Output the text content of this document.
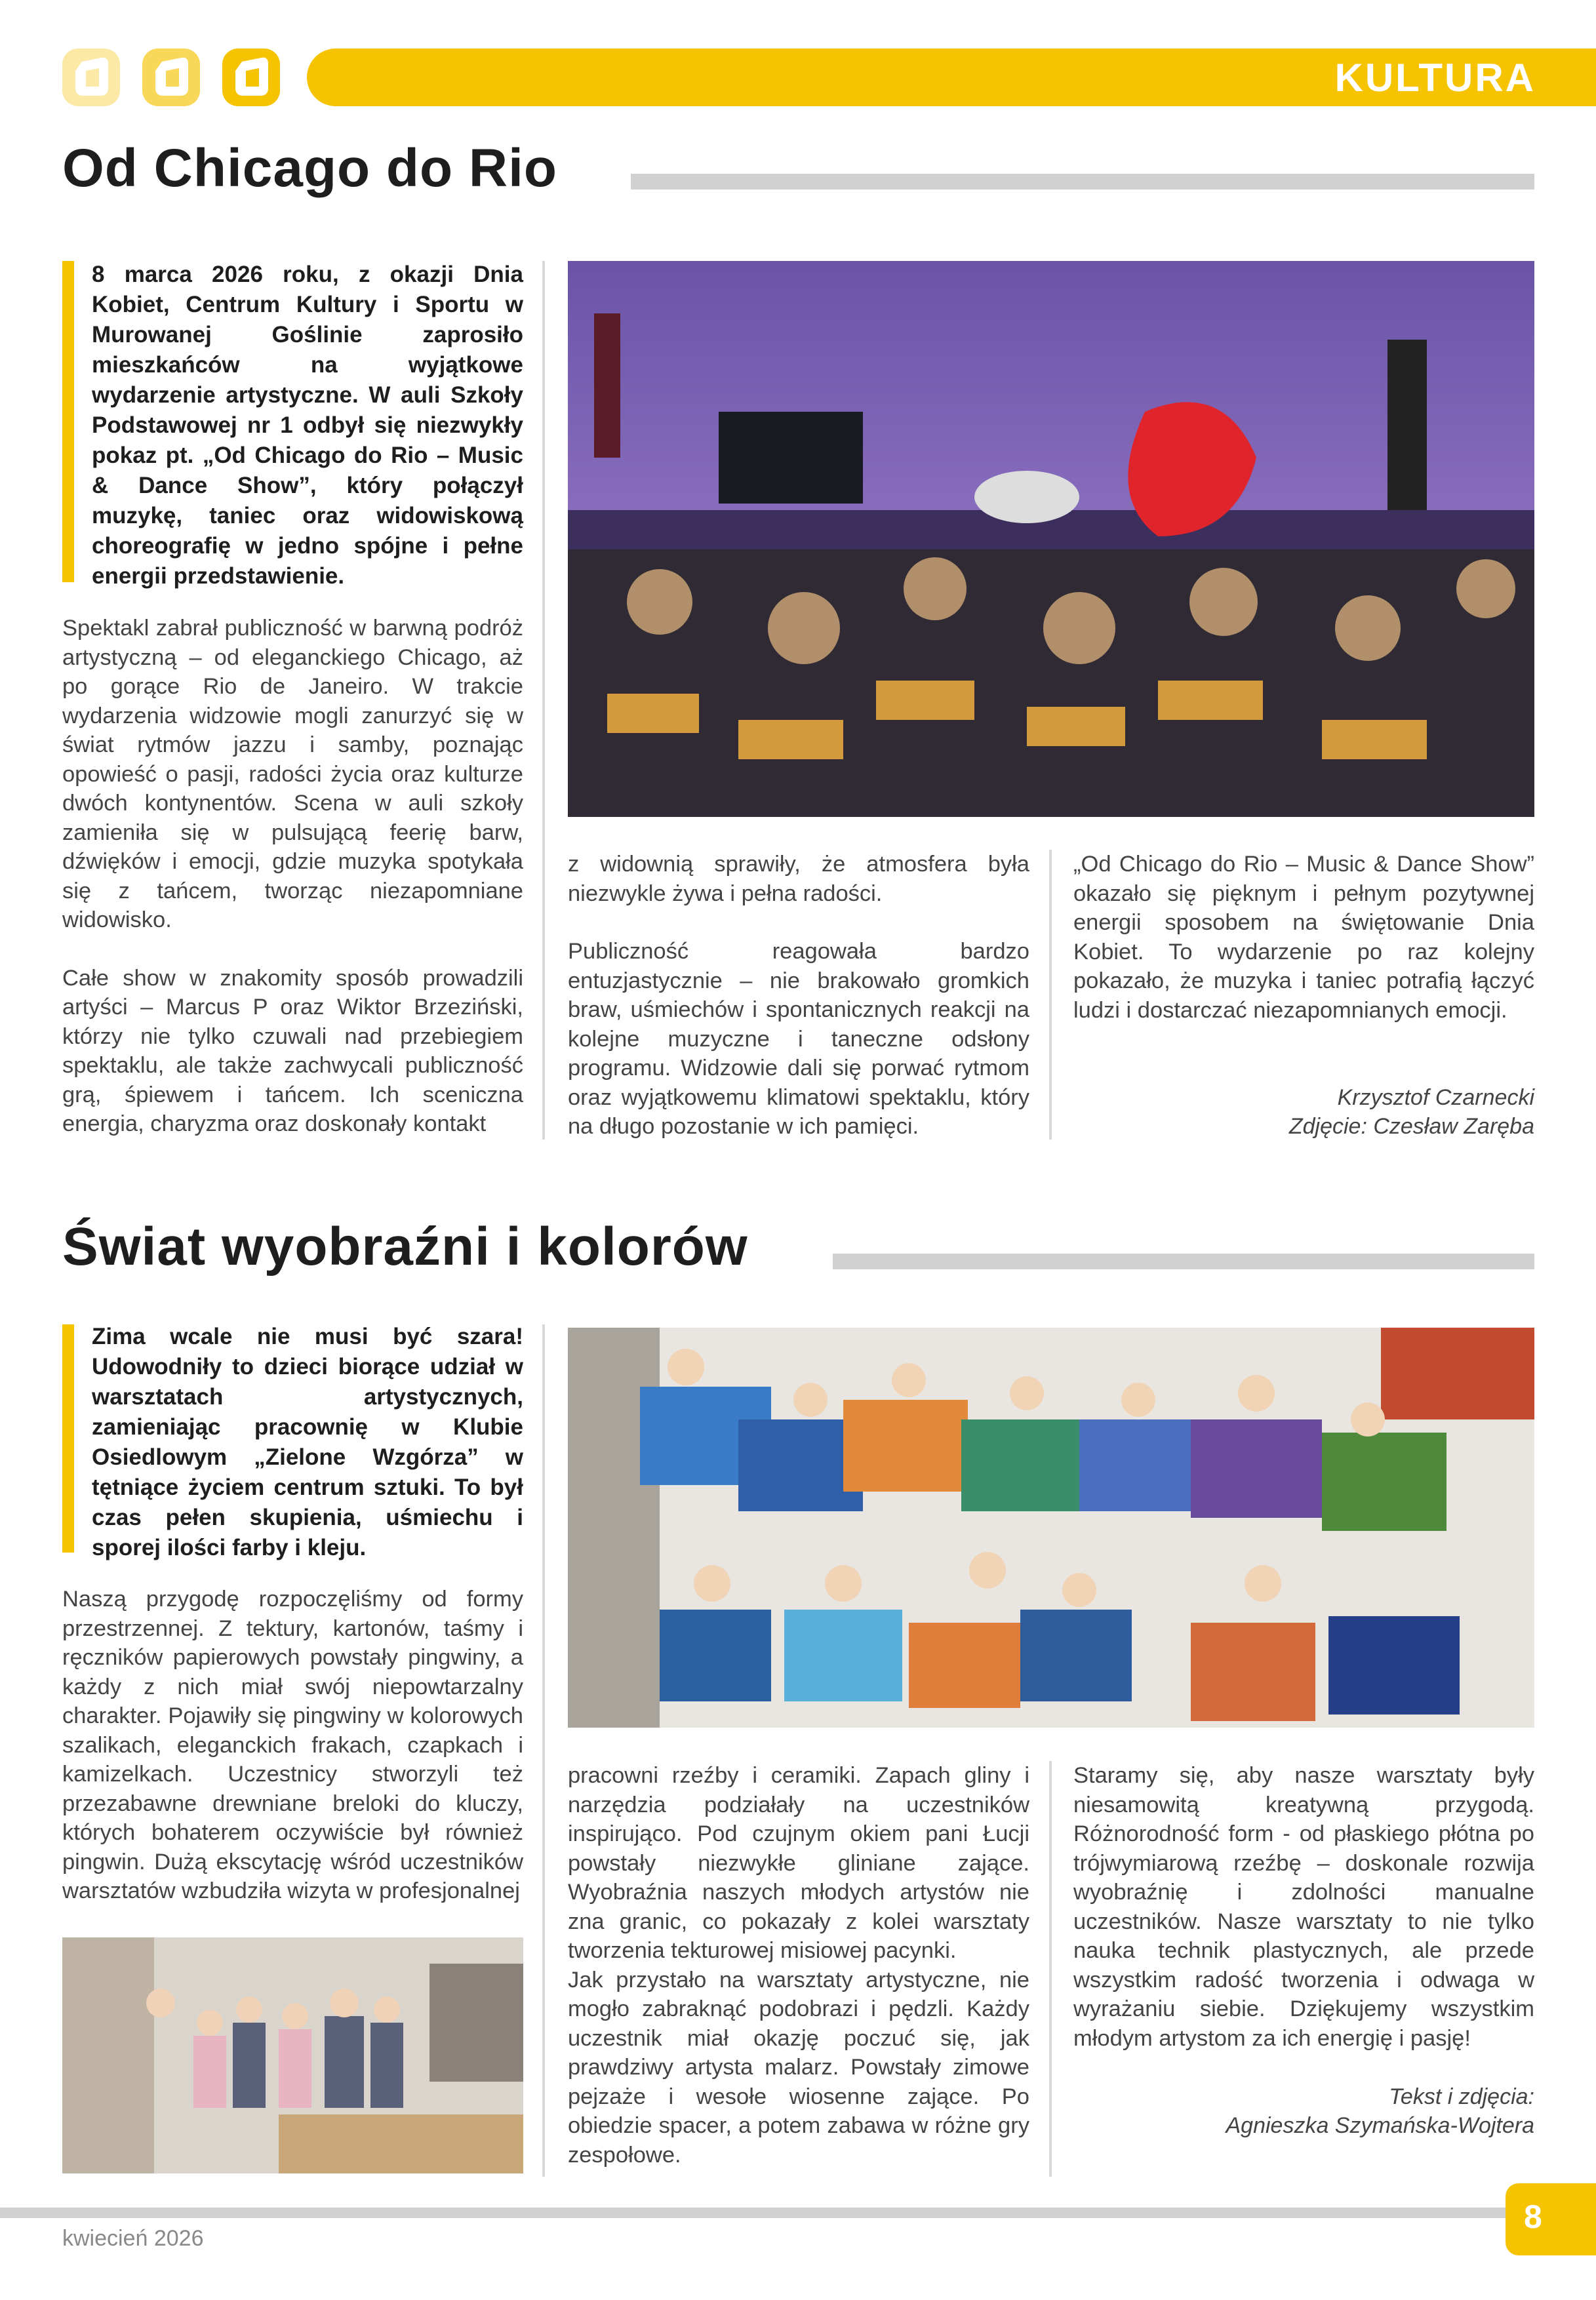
KULTURA
Od Chicago do Rio
8 marca 2026 roku, z okazji Dnia Kobiet, Centrum Kultury i Sportu w Murowanej Goślinie zaprosiło mieszkańców na wyjątkowe wydarzenie artystyczne. W auli Szkoły Podstawowej nr 1 odbył się niezwykły pokaz pt. „Od Chicago do Rio – Music & Dance Show”, który połączył muzykę, taniec oraz widowiskową choreografię w jedno spójne i pełne energii przedstawienie.

Spektakl zabrał publiczność w barwną podróż artystyczną – od eleganckiego Chicago, aż po gorące Rio de Janeiro. W trakcie wydarzenia widzowie mogli zanurzyć się w świat rytmów jazzu i samby, poznając opowieść o pasji, radości życia oraz kulturze dwóch kontynentów. Scena w auli szkoły zamieniła się w pulsującą feerię barw, dźwięków i emocji, gdzie muzyka spotykała się z tańcem, tworząc niezapomniane widowisko.

Całe show w znakomity sposób prowadzili artyści – Marcus P oraz Wiktor Brzeziński, którzy nie tylko czuwali nad przebiegiem spektaklu, ale także zachwycali publiczność grą, śpiewem i tańcem. Ich sceniczna energia, charyzma oraz doskonały kontakt

z widownią sprawiły, że atmosfera była niezwykle żywa i pełna radości.

Publiczność reagowała bardzo entuzjastycznie – nie brakowało gromkich braw, uśmiechów i spontanicznych reakcji na kolejne muzyczne i taneczne odsłony programu. Widzowie dali się porwać rytmom oraz wyjątkowemu klimatowi spektaklu, który na długo pozostanie w ich pamięci.

„Od Chicago do Rio – Music & Dance Show” okazało się pięknym i pełnym pozytywnej energii sposobem na świętowanie Dnia Kobiet. To wydarzenie po raz kolejny pokazało, że muzyka i taniec potrafią łączyć ludzi i dostarczać niezapomnianych emocji.

Krzysztof Czarnecki
Zdjęcie: Czesław Zaręba
Świat wyobraźni i kolorów
Zima wcale nie musi być szara! Udowodniły to dzieci biorące udział w warsztatach artystycznych, zamieniając pracownię w Klubie Osiedlowym „Zielone Wzgórza” w tętniące życiem centrum sztuki. To był czas pełen skupienia, uśmiechu i sporej ilości farby i kleju.

Naszą przygodę rozpoczęliśmy od formy przestrzennej. Z tektury, kartonów, taśmy i ręczników papierowych powstały pingwiny, a każdy z nich miał swój niepowtarzalny charakter. Pojawiły się pingwiny w kolorowych szalikach, eleganckich frakach, czapkach i kamizelkach. Uczestnicy stworzyli też przezabawne drewniane breloki do kluczy, których bohaterem oczywiście był również pingwin. Dużą ekscytację wśród uczestników warsztatów wzbudziła wizyta w profesjonalnej

pracowni rzeźby i ceramiki. Zapach gliny i narzędzia podziałały na uczestników inspirująco. Pod czujnym okiem pani Łucji powstały niezwykłe gliniane zające. Wyobraźnia naszych młodych artystów nie zna granic, co pokazały z kolei warsztaty tworzenia tekturowej misiowej pacynki.

Jak przystało na warsztaty artystyczne, nie mogło zabraknąć podobrazi i pędzli. Każdy uczestnik miał okazję poczuć się, jak prawdziwy artysta malarz. Powstały zimowe pejzaże i wesołe wiosenne zające. Po obiedzie spacer, a potem zabawa w różne gry zespołowe.

Staramy się, aby nasze warsztaty były niesamowitą kreatywną przygodą. Różnorodność form - od płaskiego płótna po trójwymiarową rzeźbę – doskonale rozwija wyobraźnię i zdolności manualne uczestników. Nasze warsztaty to nie tylko nauka technik plastycznych, ale przede wszystkim radość tworzenia i odwaga w wyrażaniu siebie. Dziękujemy wszystkim młodym artystom za ich energię i pasję!

Tekst i zdjęcia:
Agnieszka Szymańska-Wojtera
kwiecień 2026
8
